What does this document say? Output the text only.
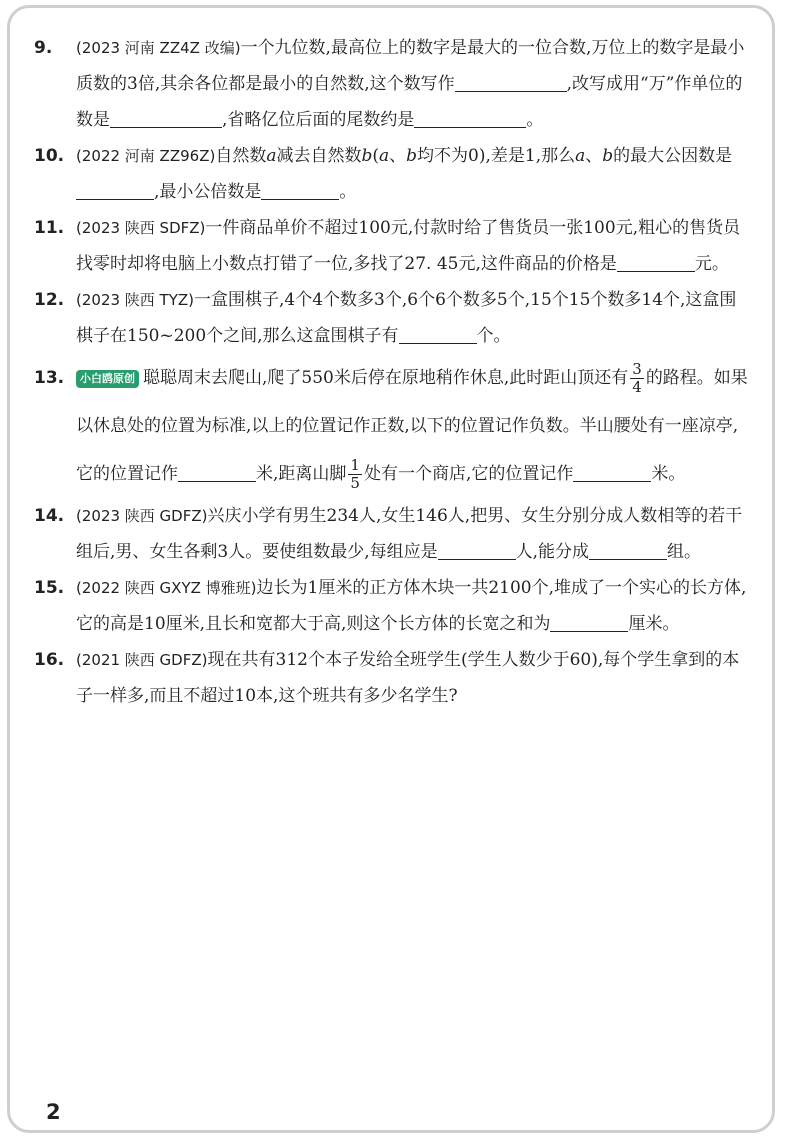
9. (2023 河南 ZZ4Z 改编)一个九位数,最高位上的数字是最大的一位合数,万位上的数字是最小质数的3倍,其余各位都是最小的自然数,这个数写作	,改写成用“万”作单位的数是	,省略亿位后面的尾数约是	。
10. (2022 河南 ZZ96Z)自然数a减去自然数b(a、b均不为0),差是1,那么a、b的最大公因数是,最小公倍数是	。
11. (2023 陕西 SDFZ)一件商品单价不超过100元,付款时给了售货员一张100元,粗心的售货员找零时却将电脑上小数点打错了一位,多找了27. 45元,这件商品的价格是	元。
12. (2023 陕西 TYZ)一盒围棋子,4个4个数多3个,6个6个数多5个,15个15个数多14个,这盒围棋子在150~200个之间,那么这盒围棋子有	个。
13. 小白鸥原创 聪聪周末去爬山,爬了550米后停在原地稍作休息,此时距山顶还有 $\frac{3}{4}$ 的路程。如果以休息处的位置为标准,以上的位置记作正数,以下的位置记作负数。半山腰处有一座凉亭,它的位置记作	米,距离山脚 $\frac{1}{5}$ 处有一个商店,它的位置记作	米。
14. (2023 陕西 GDFZ)兴庆小学有男生234人,女生146人,把男、女生分别分成人数相等的若干组后,男、女生各剩3人。要使组数最少,每组应是	人,能分成	组。
15. (2022 陕西 GXYZ 博雅班)边长为1厘米的正方体木块一共2100个,堆成了一个实心的长方体,它的高是10厘米,且长和宽都大于高,则这个长方体的长宽之和为	厘米。
16. (2021 陕西 GDFZ)现在共有312个本子发给全班学生(学生人数少于60),每个学生拿到的本子一样多,而且不超过10本,这个班共有多少名学生?
2
